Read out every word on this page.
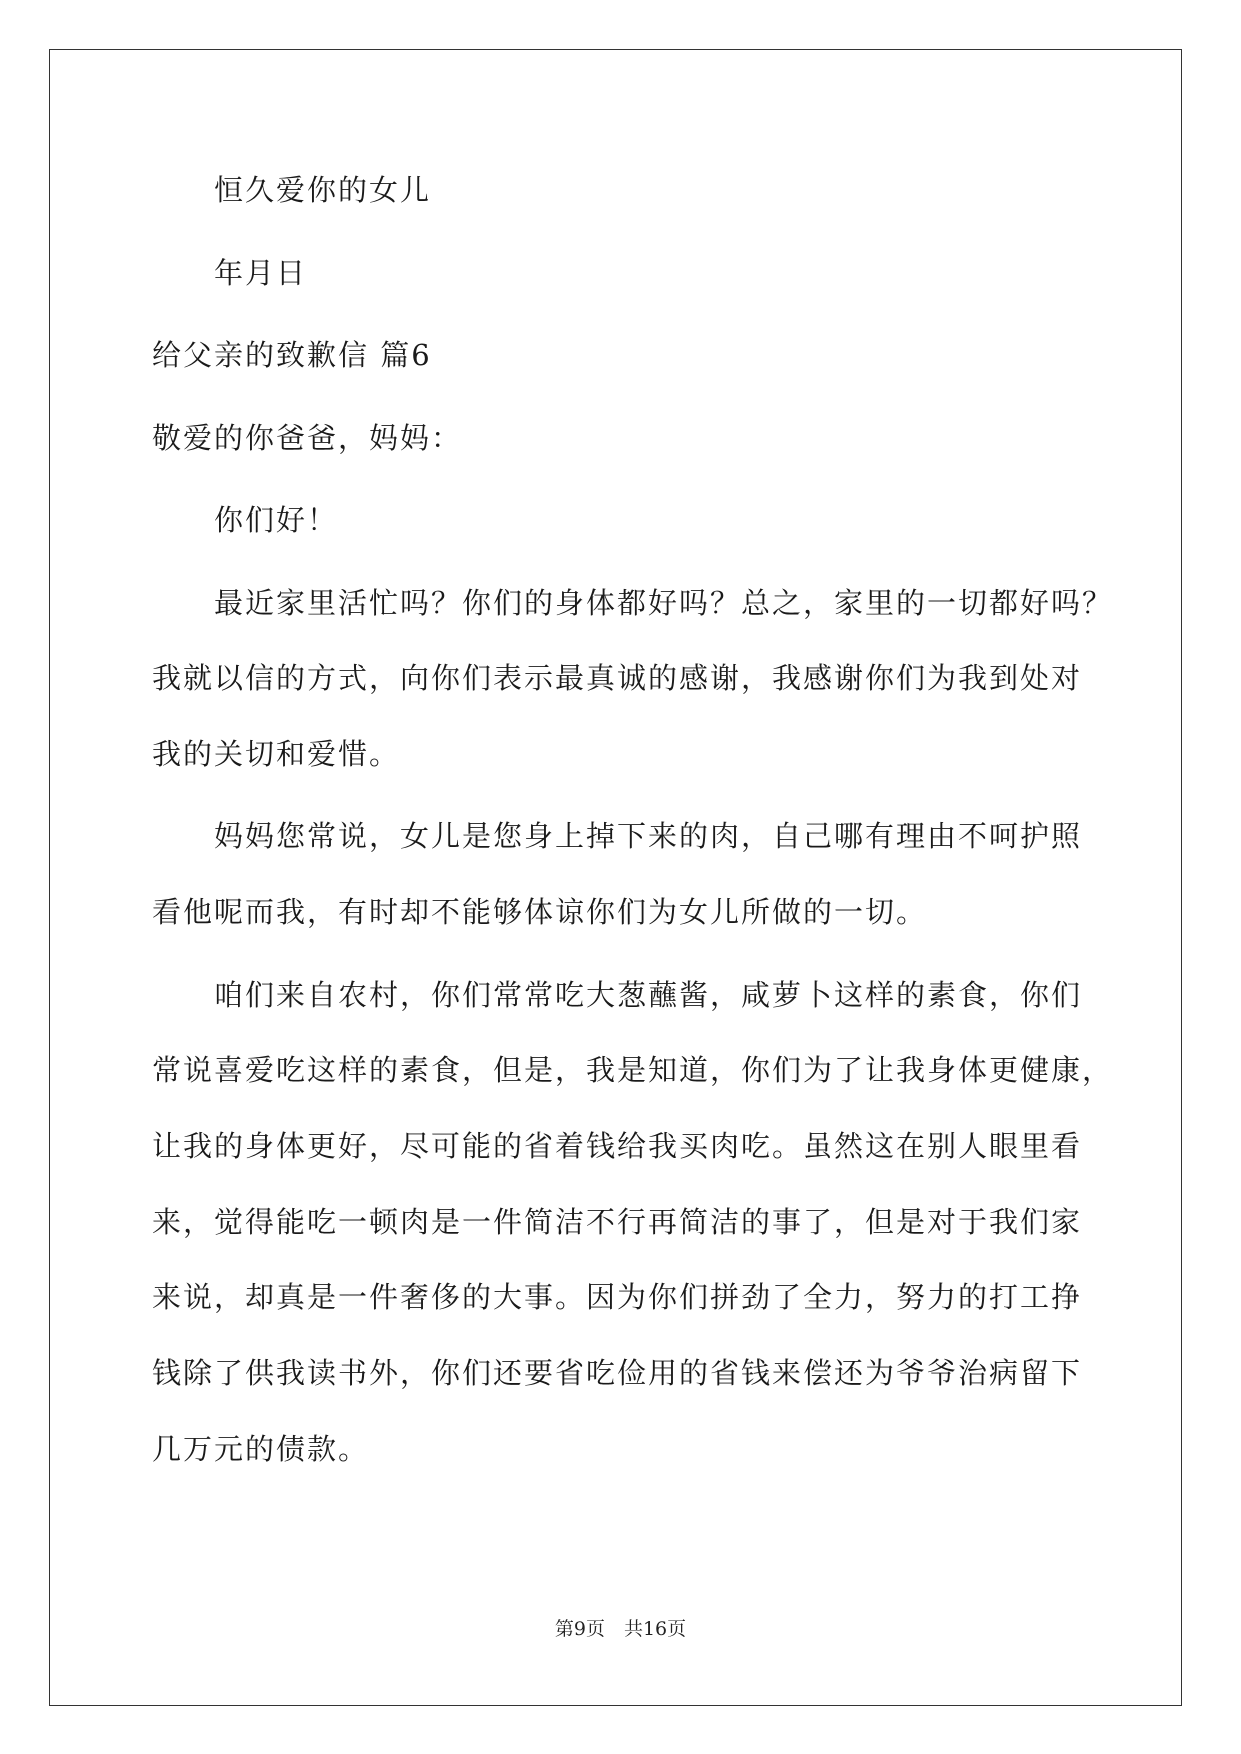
恒久爱你的女儿
年月日
给父亲的致歉信 篇6
敬爱的你爸爸，妈妈：
你们好！
最近家里活忙吗？你们的身体都好吗？总之，家里的一切都好吗？
我就以信的方式，向你们表示最真诚的感谢，我感谢你们为我到处对
我的关切和爱惜。
妈妈您常说，女儿是您身上掉下来的肉，自己哪有理由不呵护照
看他呢而我，有时却不能够体谅你们为女儿所做的一切。
咱们来自农村，你们常常吃大葱蘸酱，咸萝卜这样的素食，你们
常说喜爱吃这样的素食，但是，我是知道，你们为了让我身体更健康，
让我的身体更好，尽可能的省着钱给我买肉吃。虽然这在别人眼里看
来，觉得能吃一顿肉是一件简洁不行再简洁的事了，但是对于我们家
来说，却真是一件奢侈的大事。因为你们拼劲了全力，努力的打工挣
钱除了供我读书外，你们还要省吃俭用的省钱来偿还为爷爷治病留下
几万元的债款。
第9页　共16页
